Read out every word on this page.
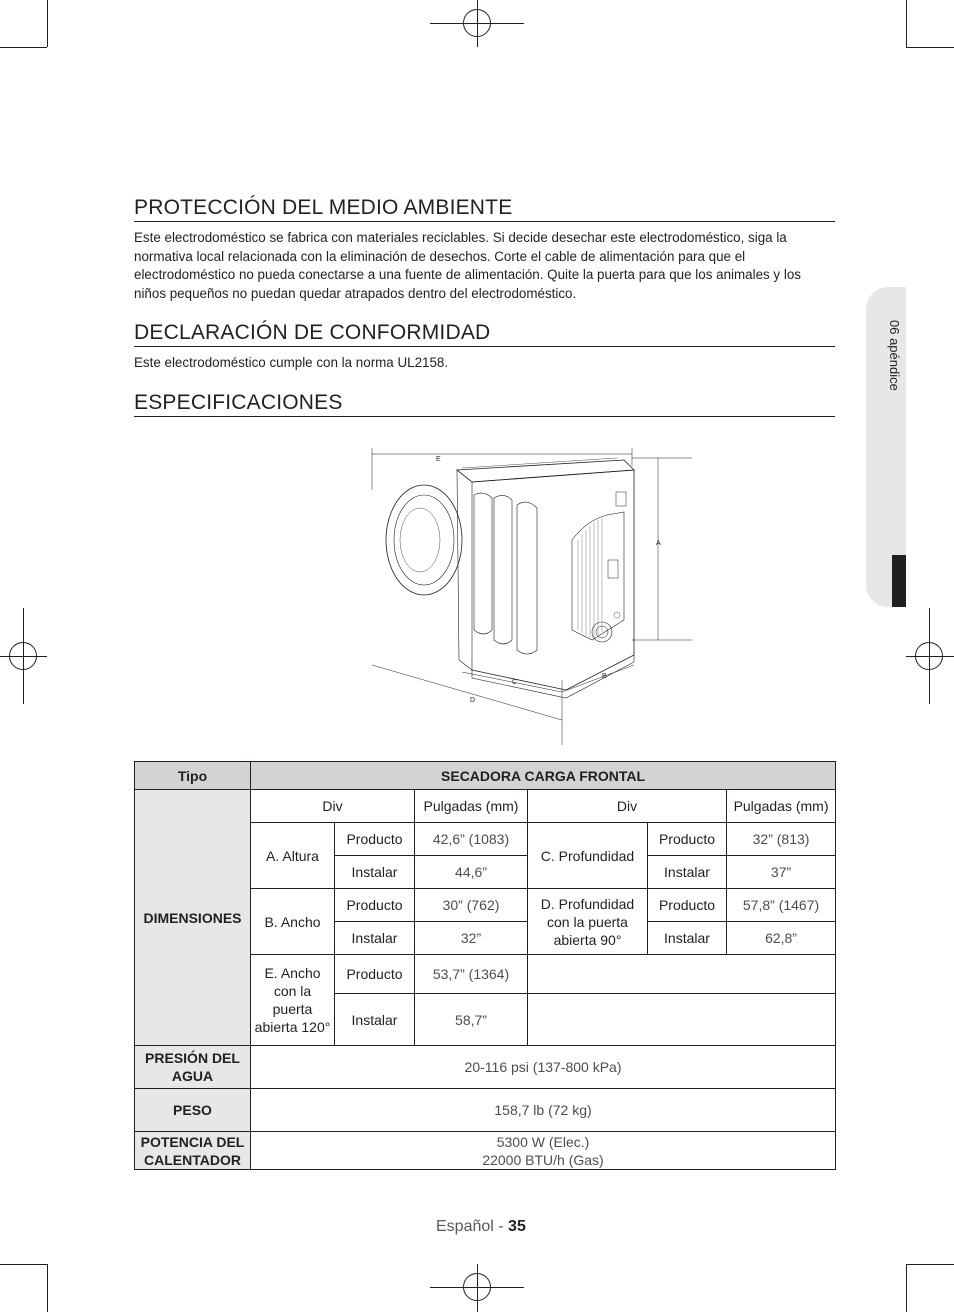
06 apéndice
PROTECCIÓN DEL MEDIO AMBIENTE

Este electrodoméstico se fabrica con materiales reciclables. Si decide desechar este electrodoméstico, siga la normativa local relacionada con la eliminación de desechos. Corte el cable de alimentación para que el electrodoméstico no pueda conectarse a una fuente de alimentación. Quite la puerta para que los animales y los niños pequeños no puedan quedar atrapados dentro del electrodoméstico.

DECLARACIÓN DE CONFORMIDAD

Este electrodoméstico cumple con la norma UL2158.

ESPECIFICACIONES
E
A
C
B
D
Tipo	SECADORA CARGA FRONTAL					
DIMENSIONES	Div		Pulgadas (mm)	Div		Pulgadas (mm)
	A. Altura	Producto	42,6” (1083)	C. Profundidad	Producto	32” (813)
		Instalar	44,6”		Instalar	37”
	B. Ancho	Producto	30” (762)	D. Profundidad con la puerta abierta 90°	Producto	57,8” (1467)
		Instalar	32”		Instalar	62,8”
	E. Ancho con la puerta abierta 120°	Producto	53,7” (1364)			
		Instalar	58,7”			
PRESIÓN DEL AGUA	20-116 psi (137-800 kPa)					
PESO	158,7 lb (72 kg)					
POTENCIA DEL CALENTADOR	5300 W (Elec.)
22000 BTU/h (Gas)					
Español - 35
